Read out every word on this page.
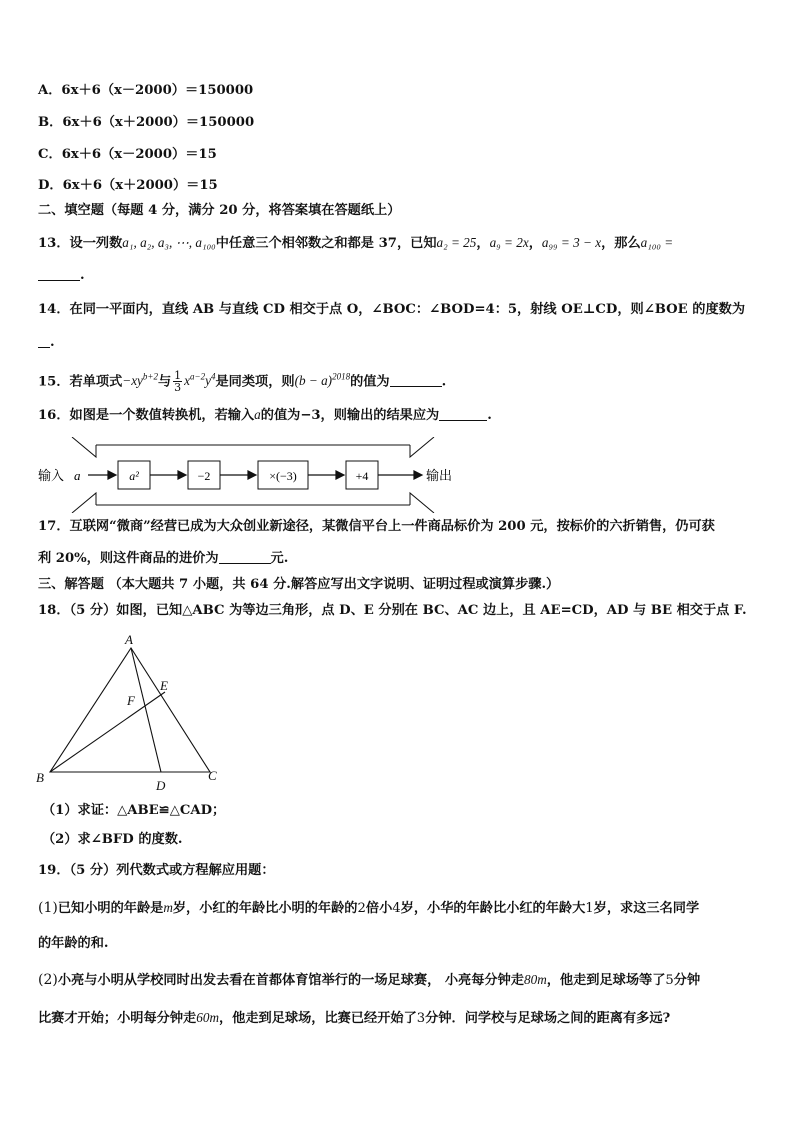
A．6x＋6（x－2000）＝150000
B．6x＋6（x＋2000）＝150000
C．6x＋6（x－2000）＝15
D．6x＋6（x＋2000）＝15
二、填空题（每题 4 分，满分 20 分，将答案填在答题纸上）
13．设一列数a₁, a₂, a₃, ⋯, a₁₀₀中任意三个相邻数之和都是 37，已知a₂ = 25，a₉ = 2x，a₉₉ = 3 − x，那么a₁₀₀ =
.
14．在同一平面内，直线 AB 与直线 CD 相交于点 O，∠BOC：∠BOD=4：5，射线 OE⊥CD，则∠BOE 的度数为
.
15．若单项式$-xy^{b+2}$与 $\frac{1}{3} x^{a-2}y^4$是同类项，则$(b - a)^{2018}$的值为	.
16．如图是一个数值转换机，若输入a的值为−3，则输出的结果应为	.
输入 a	a²	−2	×(−3)	+4	输出
17．互联网“微商”经营已成为大众创业新途径，某微信平台上一件商品标价为 200 元，按标价的六折销售，仍可获
利 20%，则这件商品的进价为	元.
三、解答题 （本大题共 7 小题，共 64 分.解答应写出文字说明、证明过程或演算步骤.）
18．（5 分）如图，已知△ABC 为等边三角形，点 D、E 分别在 BC、AC 边上，且 AE=CD，AD 与 BE 相交于点 F.
A
B	C
D
E
F
（1）求证：△ABE≌△CAD；
（2）求∠BFD 的度数.
19．（5 分）列代数式或方程解应用题：
(1)已知小明的年龄是m岁，小红的年龄比小明的年龄的2倍小4岁，小华的年龄比小红的年龄大1岁，求这三名同学
的年龄的和.
(2)小亮与小明从学校同时出发去看在首都体育馆举行的一场足球赛， 小亮每分钟走80m，他走到足球场等了5分钟
比赛才开始；小明每分钟走60m，他走到足球场，比赛已经开始了3分钟．问学校与足球场之间的距离有多远?
